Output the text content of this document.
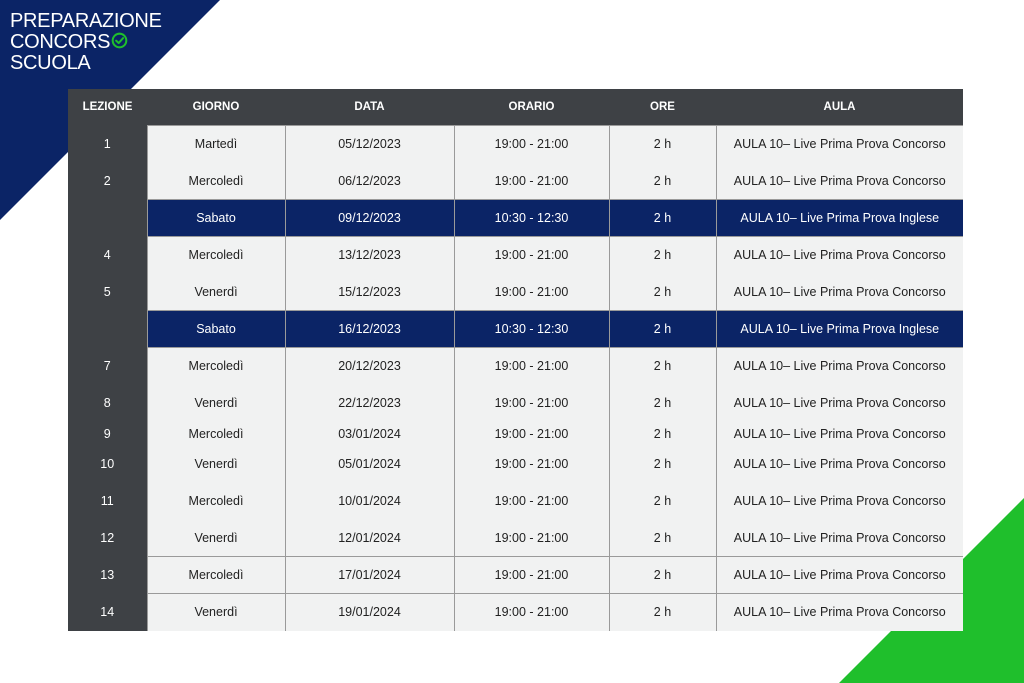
PREPARAZIONE
CONCORS
SCUOLA
LEZIONE	GIORNO	DATA	ORARIO	ORE	AULA
1	Martedì	05/12/2023	19:00 - 21:00	2 h	AULA 10– Live Prima Prova Concorso
2	Mercoledì	06/12/2023	19:00 - 21:00	2 h	AULA 10– Live Prima Prova Concorso
	Sabato	09/12/2023	10:30 - 12:30	2 h	AULA 10– Live Prima Prova Inglese
4	Mercoledì	13/12/2023	19:00 - 21:00	2 h	AULA 10– Live Prima Prova Concorso
5	Venerdì	15/12/2023	19:00 - 21:00	2 h	AULA 10– Live Prima Prova Concorso
	Sabato	16/12/2023	10:30 - 12:30	2 h	AULA 10– Live Prima Prova Inglese
7	Mercoledì	20/12/2023	19:00 - 21:00	2 h	AULA 10– Live Prima Prova Concorso
8	Venerdì	22/12/2023	19:00 - 21:00	2 h	AULA 10– Live Prima Prova Concorso
9	Mercoledì	03/01/2024	19:00 - 21:00	2 h	AULA 10– Live Prima Prova Concorso
10	Venerdì	05/01/2024	19:00 - 21:00	2 h	AULA 10– Live Prima Prova Concorso
11	Mercoledì	10/01/2024	19:00 - 21:00	2 h	AULA 10– Live Prima Prova Concorso
12	Venerdì	12/01/2024	19:00 - 21:00	2 h	AULA 10– Live Prima Prova Concorso
13	Mercoledì	17/01/2024	19:00 - 21:00	2 h	AULA 10– Live Prima Prova Concorso
14	Venerdì	19/01/2024	19:00 - 21:00	2 h	AULA 10– Live Prima Prova Concorso
